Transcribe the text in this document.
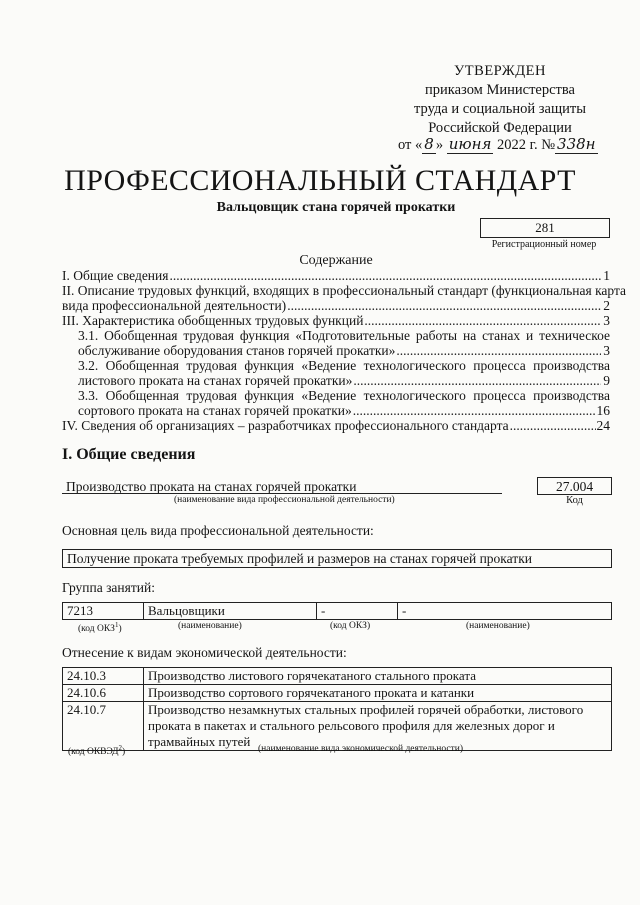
УТВЕРЖДЕН
приказом Министерства
труда и социальной защиты
Российской Федерации
от « 8 » июня 2022 г. № 338н
ПРОФЕССИОНАЛЬНЫЙ СТАНДАРТ
Вальцовщик стана горячей прокатки
281
Регистрационный номер
Содержание
I. Общие сведения .....	1
II. Описание трудовых функций, входящих в профессиональный стандарт (функциональная карта
вида профессиональной деятельности) .....	2
III. Характеристика обобщенных трудовых функций .....	3
3.1. Обобщенная трудовая функция «Подготовительные работы на станах и техническое
обслуживание оборудования станов горячей прокатки» .....	3
3.2. Обобщенная трудовая функция «Ведение технологического процесса производства
листового проката на станах горячей прокатки» .....	9
3.3. Обобщенная трудовая функция «Ведение технологического процесса производства
сортового проката на станах горячей прокатки» .....	16
IV. Сведения об организациях – разработчиках профессионального стандарта .....	24
I. Общие сведения
Производство проката на станах горячей прокатки
(наименование вида профессиональной деятельности)
27.004
Код
Основная цель вида профессиональной деятельности:
Получение проката требуемых профилей и размеров на станах горячей прокатки
Группа занятий:
7213	Вальцовщики	-	-
(код ОКЗ$^1$)	(наименование)	(код ОКЗ)	(наименование)
Отнесение к видам экономической деятельности:
24.10.3	Производство листового горячекатаного стального проката
24.10.6	Производство сортового горячекатаного проката и катанки
24.10.7	Производство незамкнутых стальных профилей горячей обработки, листового проката в пакетах и стального рельсового профиля для железных дорог и трамвайных путей
(код ОКВЭД$^2$)	(наименование вида экономической деятельности)
